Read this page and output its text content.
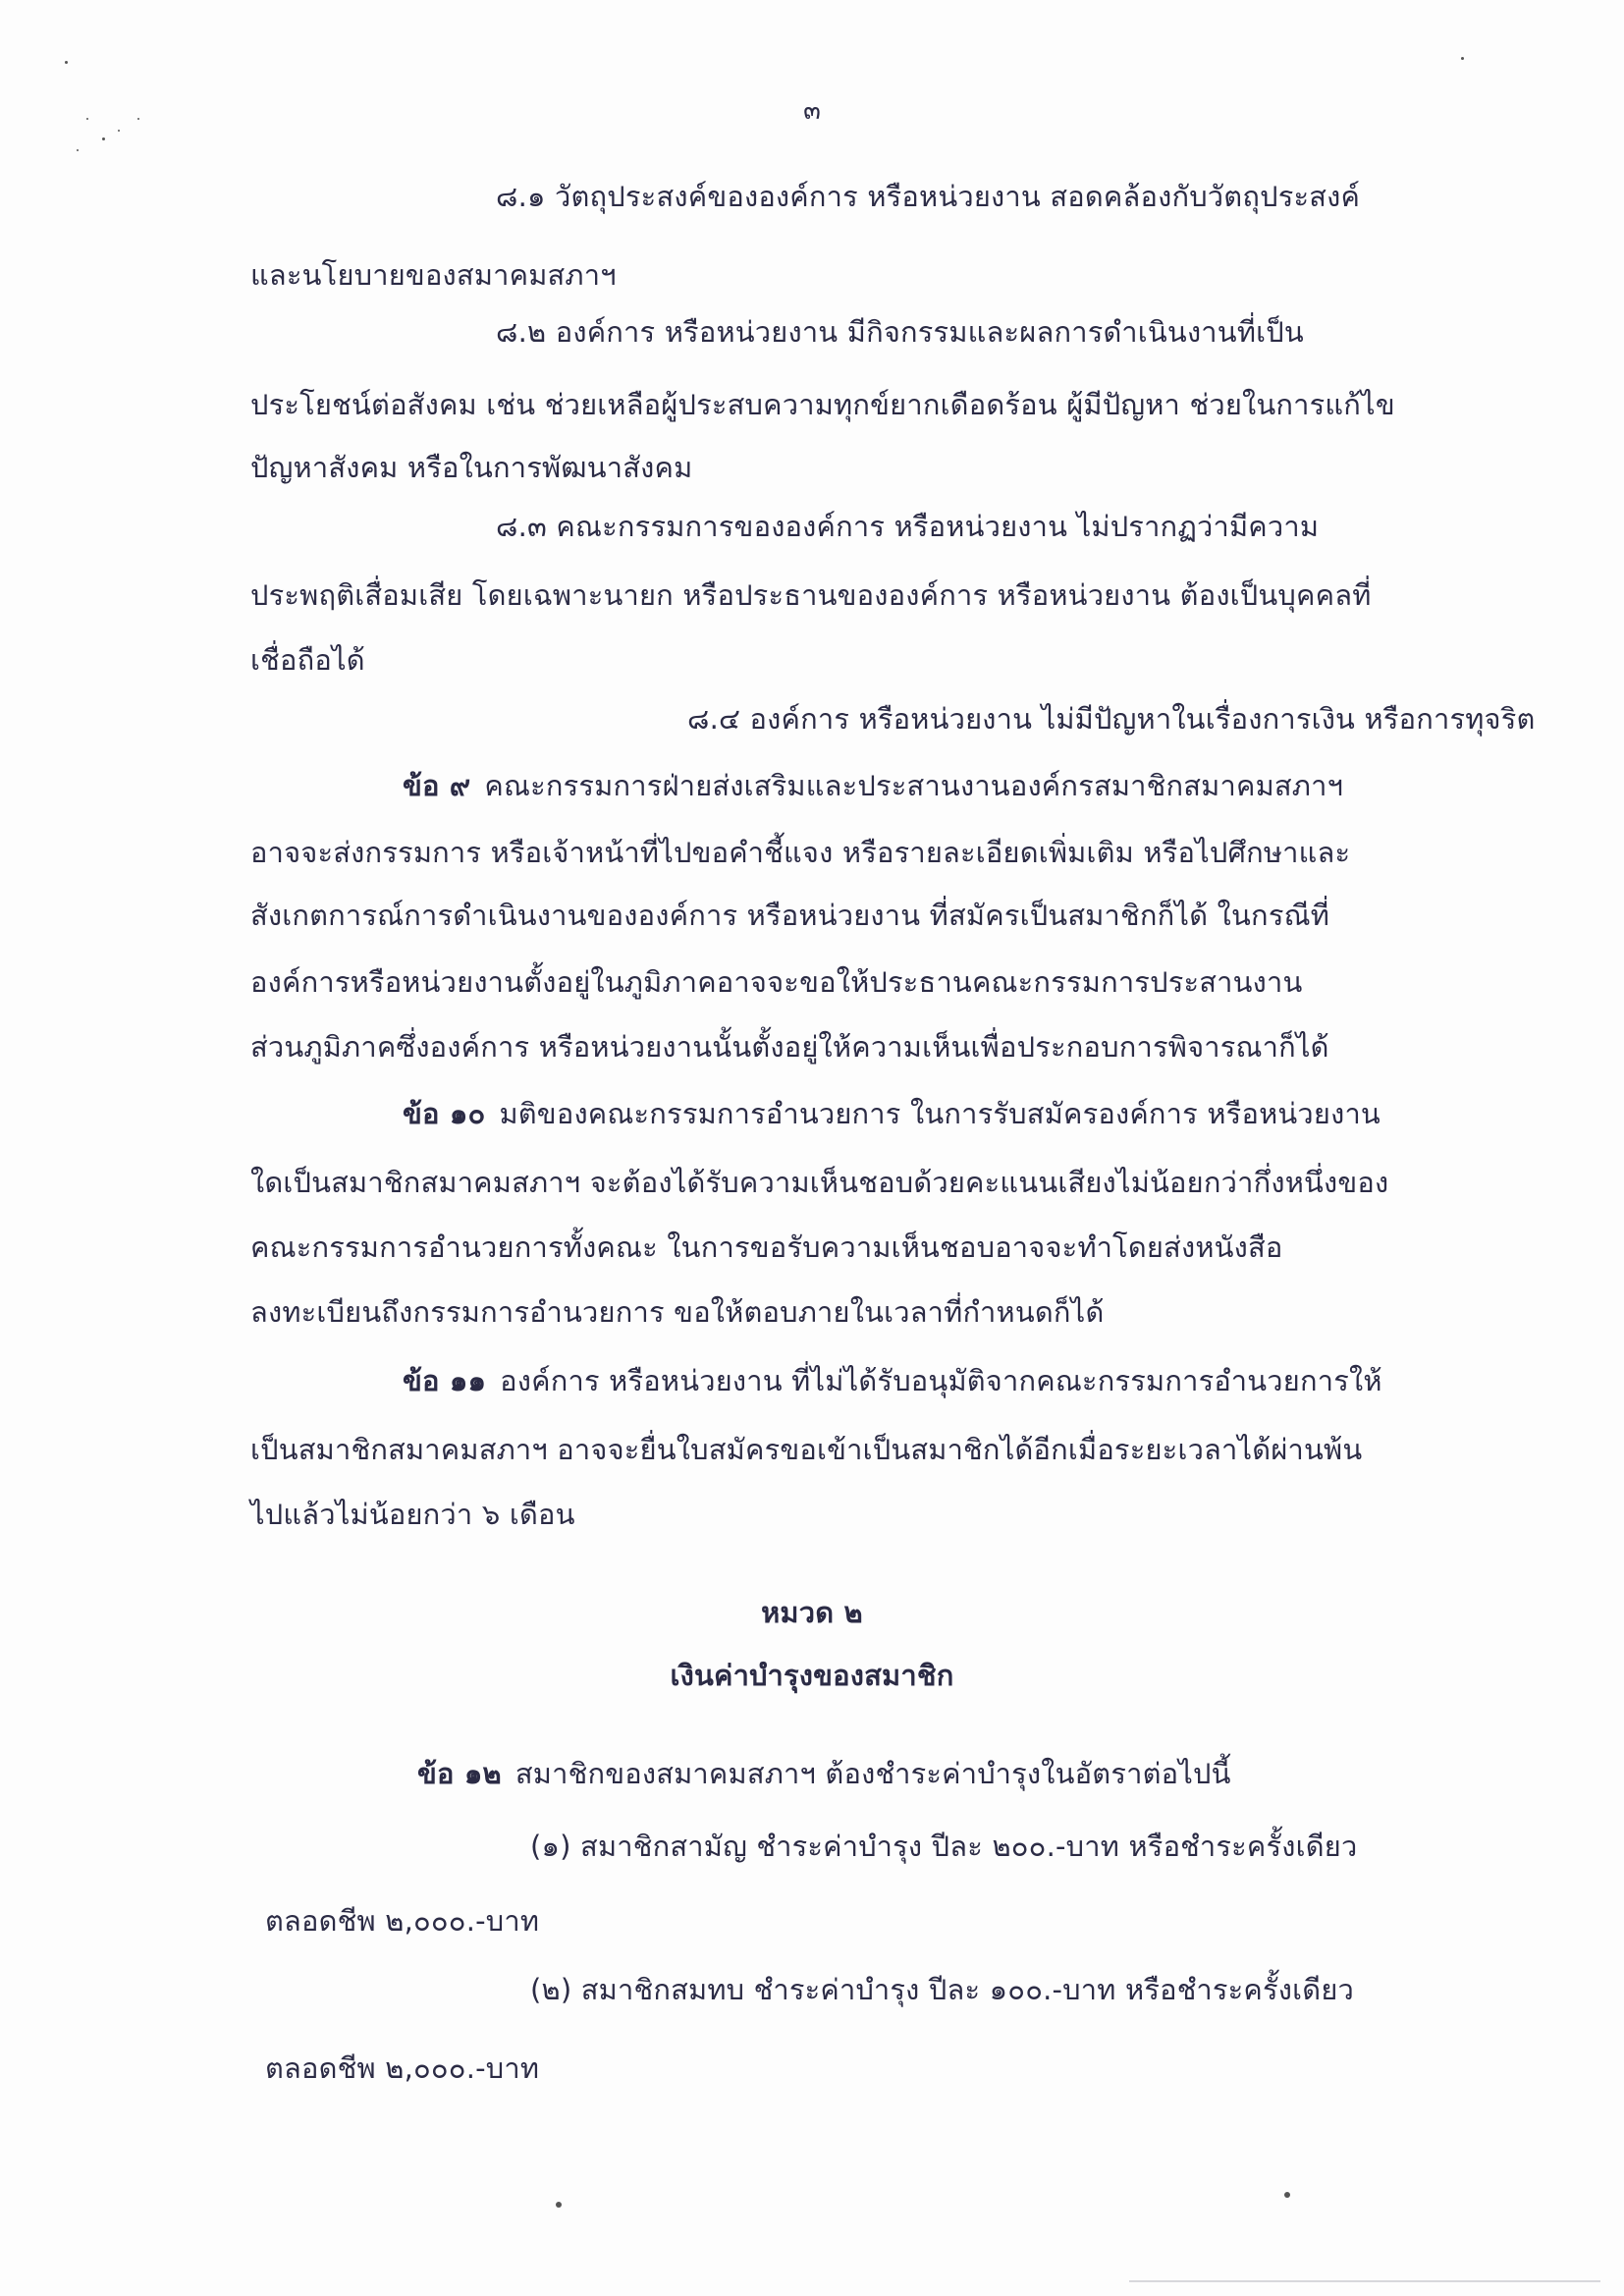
๓
๘.๑ วัตถุประสงค์ขององค์การ หรือหน่วยงาน สอดคล้องกับวัตถุประสงค์
และนโยบายของสมาคมสภาฯ
๘.๒ องค์การ หรือหน่วยงาน มีกิจกรรมและผลการดำเนินงานที่เป็น
ประโยชน์ต่อสังคม เช่น ช่วยเหลือผู้ประสบความทุกข์ยากเดือดร้อน ผู้มีปัญหา ช่วยในการแก้ไข
ปัญหาสังคม หรือในการพัฒนาสังคม
๘.๓ คณะกรรมการขององค์การ หรือหน่วยงาน ไม่ปรากฏว่ามีความ
ประพฤติเสื่อมเสีย โดยเฉพาะนายก หรือประธานขององค์การ หรือหน่วยงาน ต้องเป็นบุคคลที่
เชื่อถือได้
๘.๔ องค์การ หรือหน่วยงาน ไม่มีปัญหาในเรื่องการเงิน หรือการทุจริต
ข้อ ๙ คณะกรรมการฝ่ายส่งเสริมและประสานงานองค์กรสมาชิกสมาคมสภาฯ
อาจจะส่งกรรมการ หรือเจ้าหน้าที่ไปขอคำชี้แจง หรือรายละเอียดเพิ่มเติม หรือไปศึกษาและ
สังเกตการณ์การดำเนินงานขององค์การ หรือหน่วยงาน ที่สมัครเป็นสมาชิกก็ได้ ในกรณีที่
องค์การหรือหน่วยงานตั้งอยู่ในภูมิภาคอาจจะขอให้ประธานคณะกรรมการประสานงาน
ส่วนภูมิภาคซึ่งองค์การ หรือหน่วยงานนั้นตั้งอยู่ให้ความเห็นเพื่อประกอบการพิจารณาก็ได้
ข้อ ๑๐ มติของคณะกรรมการอำนวยการ ในการรับสมัครองค์การ หรือหน่วยงาน
ใดเป็นสมาชิกสมาคมสภาฯ จะต้องได้รับความเห็นชอบด้วยคะแนนเสียงไม่น้อยกว่ากึ่งหนึ่งของ
คณะกรรมการอำนวยการทั้งคณะ ในการขอรับความเห็นชอบอาจจะทำโดยส่งหนังสือ
ลงทะเบียนถึงกรรมการอำนวยการ ขอให้ตอบภายในเวลาที่กำหนดก็ได้
ข้อ ๑๑ องค์การ หรือหน่วยงาน ที่ไม่ได้รับอนุมัติจากคณะกรรมการอำนวยการให้
เป็นสมาชิกสมาคมสภาฯ อาจจะยื่นใบสมัครขอเข้าเป็นสมาชิกได้อีกเมื่อระยะเวลาได้ผ่านพ้น
ไปแล้วไม่น้อยกว่า ๖ เดือน
หมวด ๒
เงินค่าบำรุงของสมาชิก
ข้อ ๑๒ สมาชิกของสมาคมสภาฯ ต้องชำระค่าบำรุงในอัตราต่อไปนี้
(๑) สมาชิกสามัญ ชำระค่าบำรุง ปีละ ๒๐๐.-บาท หรือชำระครั้งเดียว
ตลอดชีพ ๒,๐๐๐.-บาท
(๒) สมาชิกสมทบ ชำระค่าบำรุง ปีละ ๑๐๐.-บาท หรือชำระครั้งเดียว
ตลอดชีพ ๒,๐๐๐.-บาท
